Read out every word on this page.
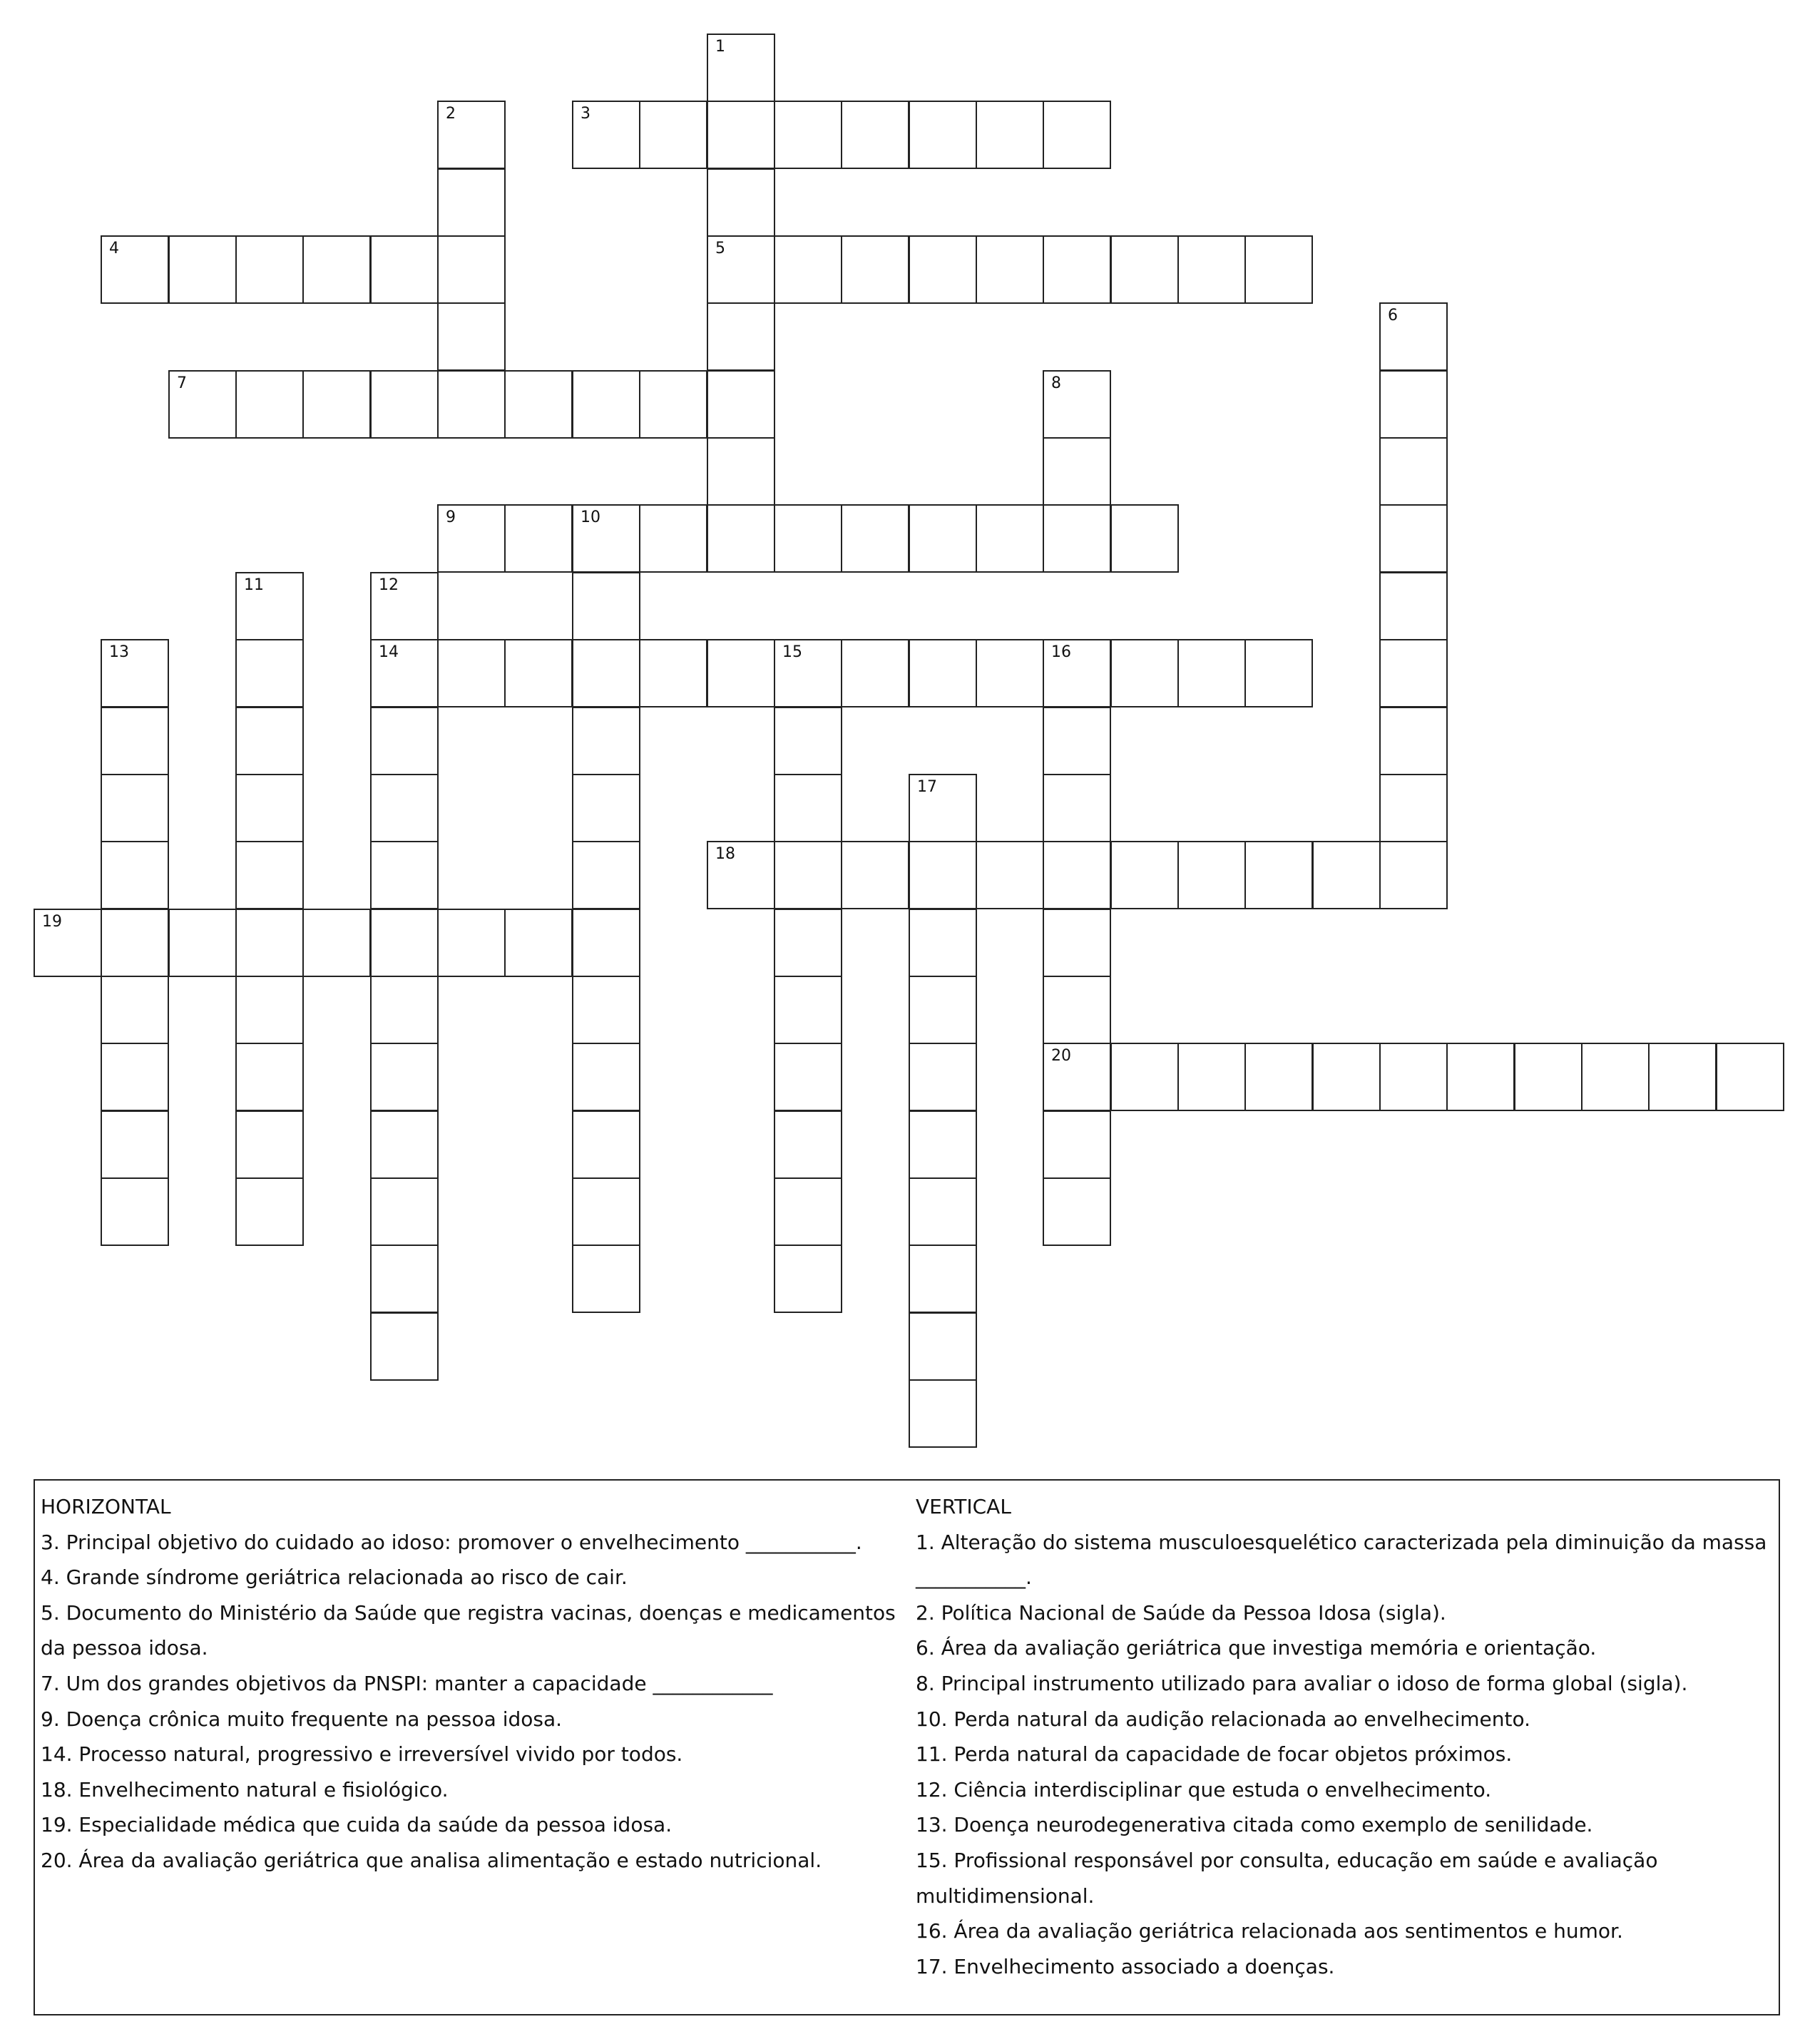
1
5
2	3
4
6
7	8
9	10
11	12
14
13	15	16
20
17
18
19
HORIZONTAL
3. Principal objetivo do cuidado ao idoso: promover o envelhecimento ___________.
4. Grande síndrome geriátrica relacionada ao risco de cair.
5. Documento do Ministério da Saúde que registra vacinas, doenças e medicamentos da pessoa idosa.
7. Um dos grandes objetivos da PNSPI: manter a capacidade ____________
9. Doença crônica muito frequente na pessoa idosa.
14. Processo natural, progressivo e irreversível vivido por todos.
18. Envelhecimento natural e fisiológico.
19. Especialidade médica que cuida da saúde da pessoa idosa.
20. Área da avaliação geriátrica que analisa alimentação e estado nutricional.
VERTICAL
1. Alteração do sistema musculoesquelético caracterizada pela diminuição da massa ___________.
2. Política Nacional de Saúde da Pessoa Idosa (sigla).
6. Área da avaliação geriátrica que investiga memória e orientação.
8. Principal instrumento utilizado para avaliar o idoso de forma global (sigla).
10. Perda natural da audição relacionada ao envelhecimento.
11. Perda natural da capacidade de focar objetos próximos.
12. Ciência interdisciplinar que estuda o envelhecimento.
13. Doença neurodegenerativa citada como exemplo de senilidade.
15. Profissional responsável por consulta, educação em saúde e avaliação multidimensional.
16. Área da avaliação geriátrica relacionada aos sentimentos e humor.
17. Envelhecimento associado a doenças.
